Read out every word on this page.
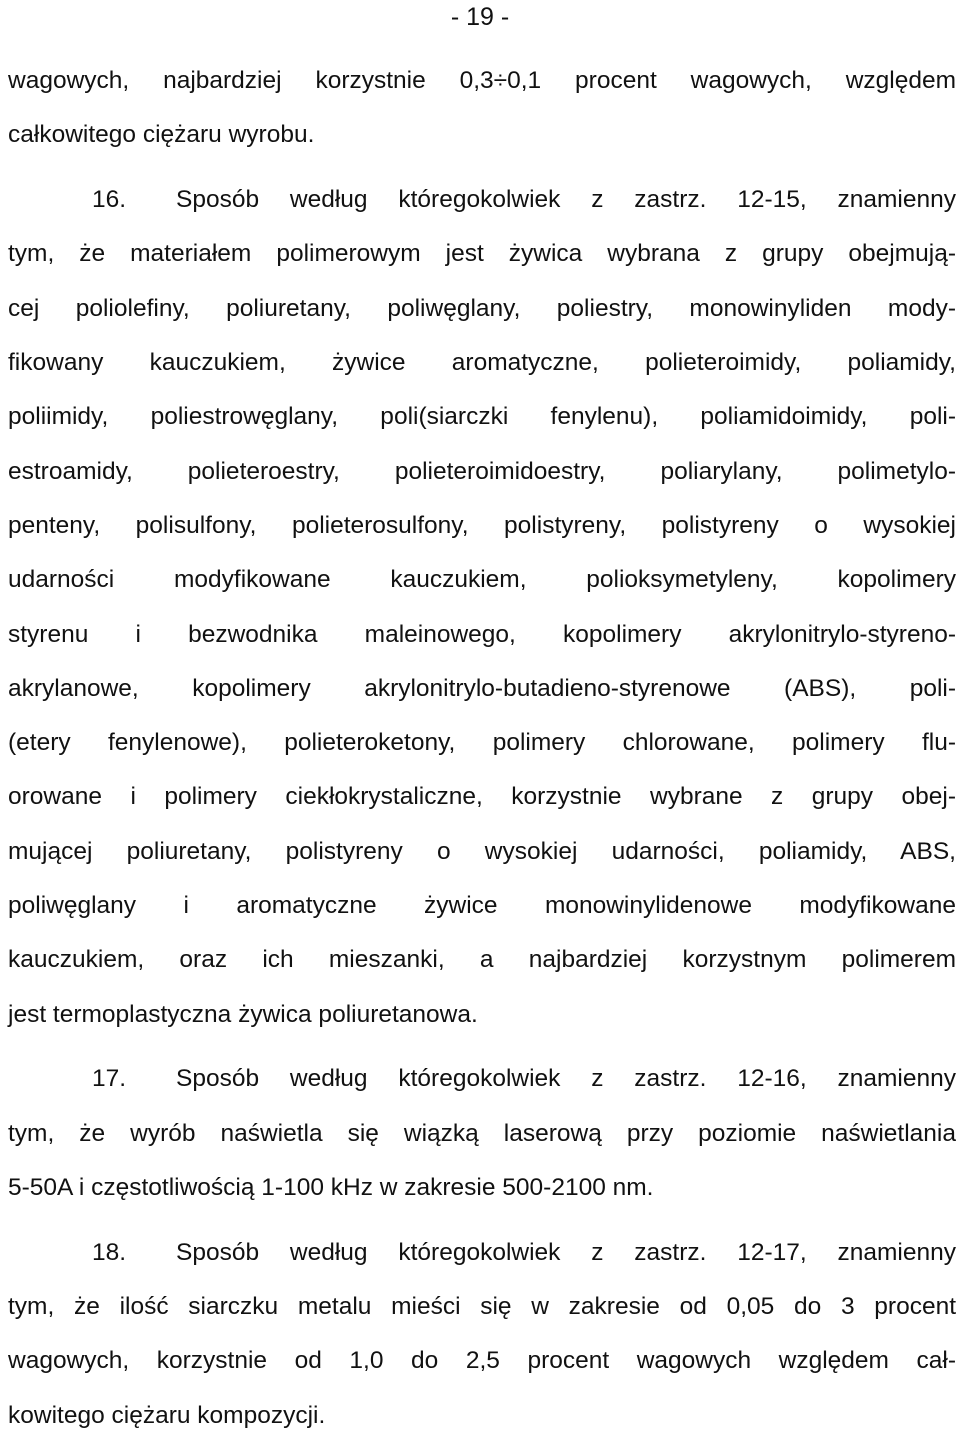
- 19 -
wagowych, najbardziej korzystnie 0,3÷0,1 procent wagowych, względem
całkowitego ciężaru wyrobu.
16. Sposób według któregokolwiek z zastrz. 12-15, znamienny
tym, że materiałem polimerowym jest żywica wybrana z grupy obejmują-
cej poliolefiny, poliuretany, poliwęglany, poliestry, monowinyliden mody-
fikowany kauczukiem, żywice aromatyczne, polieteroimidy, poliamidy,
poliimidy, poliestrowęglany, poli(siarczki fenylenu), poliamidoimidy, poli-
estroamidy, polieteroestry, polieteroimidoestry, poliarylany, polimetylo-
penteny, polisulfony, polieterosulfony, polistyreny, polistyreny o wysokiej
udarności modyfikowane kauczukiem, polioksymetyleny, kopolimery
styrenu i bezwodnika maleinowego, kopolimery akrylonitrylo-styreno-
akrylanowe, kopolimery akrylonitrylo-butadieno-styrenowe (ABS), poli-
(etery fenylenowe), polieteroketony, polimery chlorowane, polimery flu-
orowane i polimery ciekłokrystaliczne, korzystnie wybrane z grupy obej-
mującej poliuretany, polistyreny o wysokiej udarności, poliamidy, ABS,
poliwęglany i aromatyczne żywice monowinylidenowe modyfikowane
kauczukiem, oraz ich mieszanki, a najbardziej korzystnym polimerem
jest termoplastyczna żywica poliuretanowa.
17. Sposób według któregokolwiek z zastrz. 12-16, znamienny
tym, że wyrób naświetla się wiązką laserową przy poziomie naświetlania
5-50A i częstotliwością 1-100 kHz w zakresie 500-2100 nm.
18. Sposób według któregokolwiek z zastrz. 12-17, znamienny
tym, że ilość siarczku metalu mieści się w zakresie od 0,05 do 3 procent
wagowych, korzystnie od 1,0 do 2,5 procent wagowych względem cał-
kowitego ciężaru kompozycji.
